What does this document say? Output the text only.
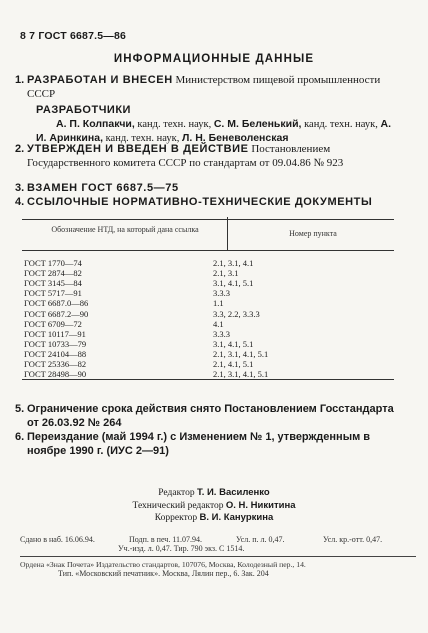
8 7 ГОСТ 6687.5—86
ИНФОРМАЦИОННЫЕ ДАННЫЕ
1. РАЗРАБОТАН И ВНЕСЕН Министерством пищевой промышленности СССР
РАЗРАБОТЧИКИ
А. П. Колпакчи, канд. техн. наук, С. М. Беленький, канд. техн. наук, А. И. Аринкина, канд. техн. наук, Л. Н. Беневоленская
2. УТВЕРЖДЕН И ВВЕДЕН В ДЕЙСТВИЕ Постановлением Государственного комитета СССР по стандартам от 09.04.86 № 923
3. ВЗАМЕН ГОСТ 6687.5—75
4. ССЫЛОЧНЫЕ НОРМАТИВНО-ТЕХНИЧЕСКИЕ ДОКУМЕНТЫ
Обозначение НТД, на который дана ссылка	Номер пункта
ГОСТ 1770—74	2.1, 3.1, 4.1
ГОСТ 2874—82	2.1, 3.1
ГОСТ 3145—84	3.1, 4.1, 5.1
ГОСТ 5717—91	3.3.3
ГОСТ 6687.0—86	1.1
ГОСТ 6687.2—90	3.3, 2.2, 3.3.3
ГОСТ 6709—72	4.1
ГОСТ 10117—91	3.3.3
ГОСТ 10733—79	3.1, 4.1, 5.1
ГОСТ 24104—88	2.1, 3.1, 4.1, 5.1
ГОСТ 25336—82	2.1, 4.1, 5.1
ГОСТ 28498—90	2.1, 3.1, 4.1, 5.1
5. Ограничение срока действия снято Постановлением Госстандарта от 26.03.92 № 264
6. Переиздание (май 1994 г.) с Изменением № 1, утвержденным в ноябре 1990 г. (ИУС 2—91)
Редактор Т. И. Василенко
Технический редактор О. Н. Никитина
Корректор В. И. Кануркина
Сдано в наб. 16.06.94.	Подп. в печ. 11.07.94.	Усл. п. л. 0,47.	Усл. кр.-отт. 0,47.
Уч.-изд. л. 0,47. Тир. 790 экз. С 1514.
Ордена «Знак Почета» Издательство стандартов, 107076, Москва, Колодезный пер., 14.
Тип. «Московский печатник». Москва, Лялин пер., 6. Зак. 204
